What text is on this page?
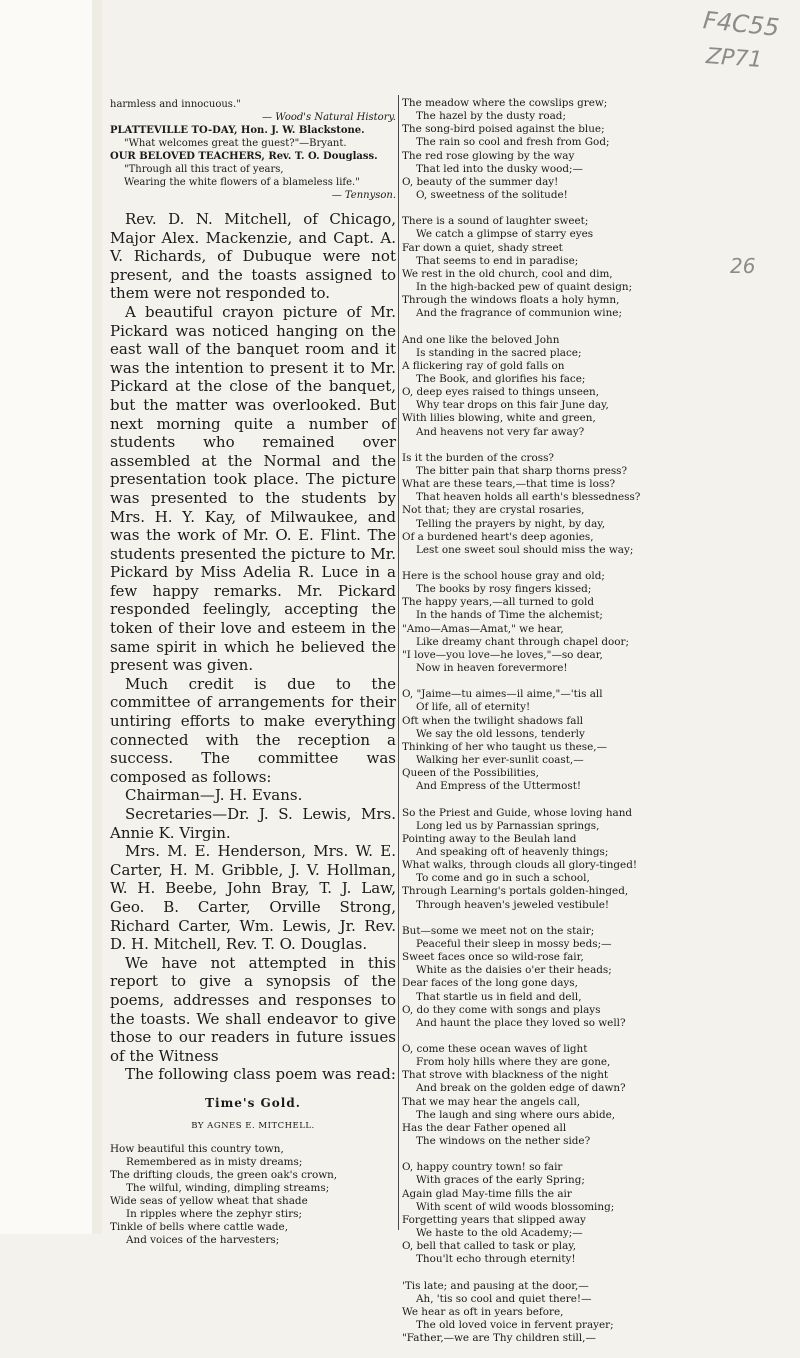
F4C55
ZP71
26
harmless and innocuous."
— Wood's Natural History.
PLATTEVILLE TO-DAY, Hon. J. W. Blackstone.
"What welcomes great the guest?"—Bryant.
OUR BELOVED TEACHERS, Rev. T. O. Douglass.
"Through all this tract of years,
Wearing the white flowers of a blameless life."
— Tennyson.

Rev. D. N. Mitchell, of Chicago, Major Alex. Mackenzie, and Capt. A. V. Richards, of Dubuque were not present, and the toasts assigned to them were not responded to.

A beautiful crayon picture of Mr. Pickard was noticed hanging on the east wall of the banquet room and it was the intention to present it to Mr. Pickard at the close of the banquet, but the matter was overlooked. But next morning quite a number of students who remained over assembled at the Normal and the presentation took place. The picture was presented to the students by Mrs. H. Y. Kay, of Milwaukee, and was the work of Mr. O. E. Flint. The students presented the picture to Mr. Pickard by Miss Adelia R. Luce in a few happy remarks. Mr. Pickard responded feelingly, accepting the token of their love and esteem in the same spirit in which he believed the present was given.

Much credit is due to the committee of arrangements for their untiring efforts to make everything connected with the reception a success. The committee was composed as follows:

Chairman—J. H. Evans.

Secretaries—Dr. J. S. Lewis, Mrs. Annie K. Virgin.

Mrs. M. E. Henderson, Mrs. W. E. Carter, H. M. Gribble, J. V. Hollman, W. H. Beebe, John Bray, T. J. Law, Geo. B. Carter, Orville Strong, Richard Carter, Wm. Lewis, Jr. Rev. D. H. Mitchell, Rev. T. O. Douglas.

We have not attempted in this report to give a synopsis of the poems, addresses and responses to the toasts. We shall endeavor to give those to our readers in future issues of the Witness

The following class poem was read:

Time's Gold.
BY AGNES E. MITCHELL.
How beautiful this country town,
Remembered as in misty dreams;
The drifting clouds, the green oak's crown,
The wilful, winding, dimpling streams;
Wide seas of yellow wheat that shade
In ripples where the zephyr stirs;
Tinkle of bells where cattle wade,
And voices of the harvesters;
The meadow where the cowslips grew;
The hazel by the dusty road;
The song-bird poised against the blue;
The rain so cool and fresh from God;
The red rose glowing by the way
That led into the dusky wood;—
O, beauty of the summer day!
O, sweetness of the solitude!
There is a sound of laughter sweet;
We catch a glimpse of starry eyes
Far down a quiet, shady street
That seems to end in paradise;
We rest in the old church, cool and dim,
In the high-backed pew of quaint design;
Through the windows floats a holy hymn,
And the fragrance of communion wine;
And one like the beloved John
Is standing in the sacred place;
A flickering ray of gold falls on
The Book, and glorifies his face;
O, deep eyes raised to things unseen,
Why tear drops on this fair June day,
With lilies blowing, white and green,
And heavens not very far away?
Is it the burden of the cross?
The bitter pain that sharp thorns press?
What are these tears,—that time is loss?
That heaven holds all earth's blessedness?
Not that; they are crystal rosaries,
Telling the prayers by night, by day,
Of a burdened heart's deep agonies,
Lest one sweet soul should miss the way;
Here is the school house gray and old;
The books by rosy fingers kissed;
The happy years,—all turned to gold
In the hands of Time the alchemist;
"Amo—Amas—Amat," we hear,
Like dreamy chant through chapel door;
"I love—you love—he loves,"—so dear,
Now in heaven forevermore!
O, "Jaime—tu aimes—il aime,"—'tis all
Of life, all of eternity!
Oft when the twilight shadows fall
We say the old lessons, tenderly
Thinking of her who taught us these,—
Walking her ever-sunlit coast,—
Queen of the Possibilities,
And Empress of the Uttermost!
So the Priest and Guide, whose loving hand
Long led us by Parnassian springs,
Pointing away to the Beulah land
And speaking oft of heavenly things;
What walks, through clouds all glory-tinged!
To come and go in such a school,
Through Learning's portals golden-hinged,
Through heaven's jeweled vestibule!
But—some we meet not on the stair;
Peaceful their sleep in mossy beds;—
Sweet faces once so wild-rose fair,
White as the daisies o'er their heads;
Dear faces of the long gone days,
That startle us in field and dell,
O, do they come with songs and plays
And haunt the place they loved so well?
O, come these ocean waves of light
From holy hills where they are gone,
That strove with blackness of the night
And break on the golden edge of dawn?
That we may hear the angels call,
The laugh and sing where ours abide,
Has the dear Father opened all
The windows on the nether side?
O, happy country town! so fair
With graces of the early Spring;
Again glad May-time fills the air
With scent of wild woods blossoming;
Forgetting years that slipped away
We haste to the old Academy;—
O, bell that called to task or play,
Thou'lt echo through eternity!
'Tis late; and pausing at the door,—
Ah, 'tis so cool and quiet there!—
We hear as oft in years before,
The old loved voice in fervent prayer;
"Father,—we are Thy children still,—
